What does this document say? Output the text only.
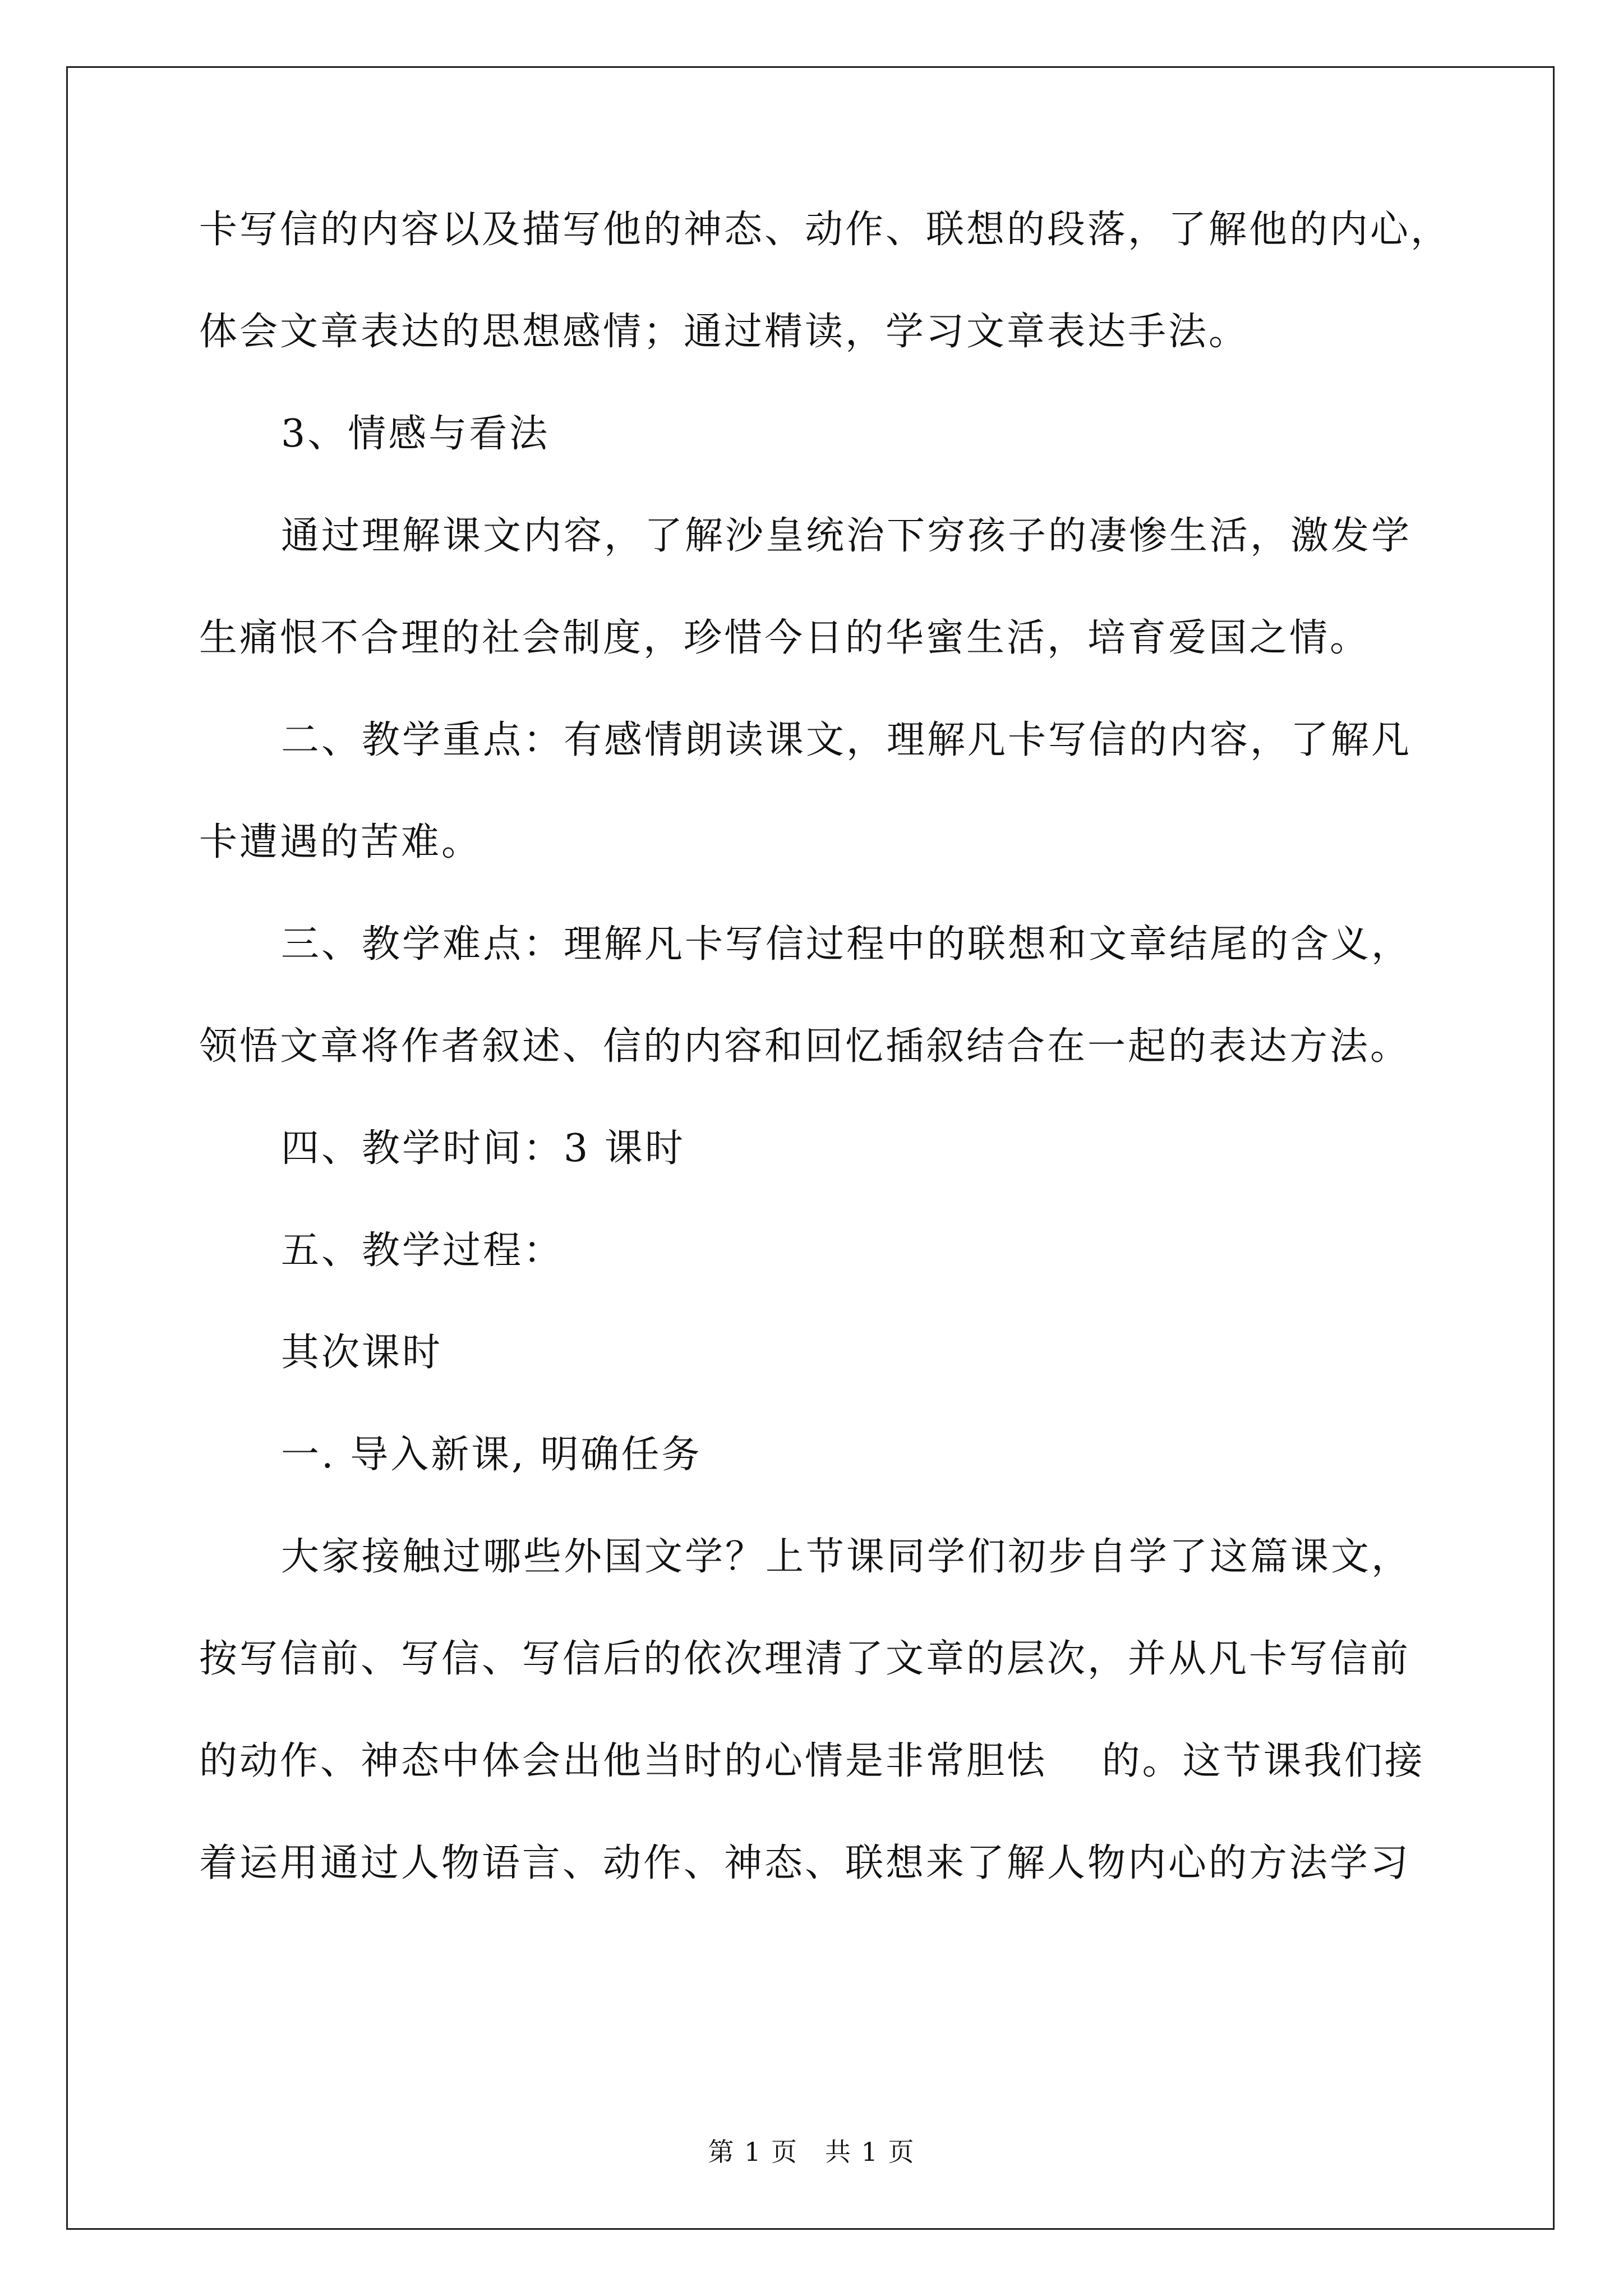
卡写信的内容以及描写他的神态、动作、联想的段落，了解他的内心，
体会文章表达的思想感情；通过精读，学习文章表达手法。
3、情感与看法
通过理解课文内容，了解沙皇统治下穷孩子的凄惨生活，激发学
生痛恨不合理的社会制度，珍惜今日的华蜜生活，培育爱国之情。
二、教学重点：有感情朗读课文，理解凡卡写信的内容，了解凡
卡遭遇的苦难。
三、教学难点：理解凡卡写信过程中的联想和文章结尾的含义，
领悟文章将作者叙述、信的内容和回忆插叙结合在一起的表达方法。
四、教学时间：3 课时
五、教学过程：
其次课时
一. 导入新课, 明确任务
大家接触过哪些外国文学？上节课同学们初步自学了这篇课文，
按写信前、写信、写信后的依次理清了文章的层次，并从凡卡写信前
的动作、神态中体会出他当时的心情是非常胆怯　 的。这节课我们接
着运用通过人物语言、动作、神态、联想来了解人物内心的方法学习
第 1 页　共 1 页
